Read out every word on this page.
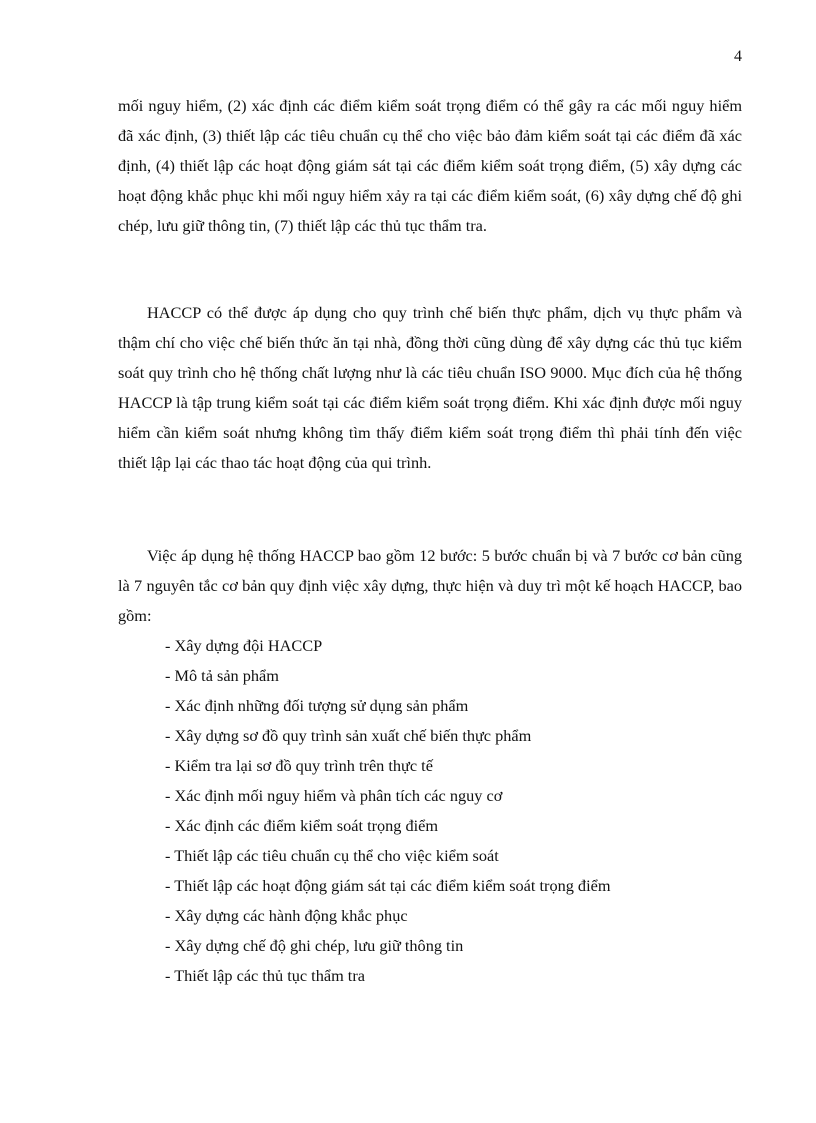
4

mối nguy hiểm, (2) xác định các điểm kiểm soát trọng điểm có thể gây ra các mối nguy hiểm đã xác định, (3) thiết lập các tiêu chuẩn cụ thể cho việc bảo đảm kiểm soát tại các điểm đã xác định, (4) thiết lập các hoạt động giám sát tại các điểm kiểm soát trọng điểm, (5) xây dựng các hoạt động khắc phục khi mối nguy hiểm xảy ra tại các điểm kiểm soát, (6) xây dựng chế độ ghi chép, lưu giữ thông tin, (7) thiết lập các thủ tục thẩm tra.

HACCP có thể được áp dụng cho quy trình chế biến thực phẩm, dịch vụ thực phẩm và thậm chí cho việc chế biến thức ăn tại nhà, đồng thời cũng dùng để xây dựng các thủ tục kiểm soát quy trình cho hệ thống chất lượng như là các tiêu chuẩn ISO 9000. Mục đích của hệ thống HACCP là tập trung kiểm soát tại các điểm kiểm soát trọng điểm. Khi xác định được mối nguy hiểm cần kiểm soát nhưng không tìm thấy điểm kiểm soát trọng điểm thì phải tính đến việc thiết lập lại các thao tác hoạt động của qui trình.

Việc áp dụng hệ thống HACCP bao gồm 12 bước: 5 bước chuẩn bị và 7 bước cơ bản cũng là 7 nguyên tắc cơ bản quy định việc xây dựng, thực hiện và duy trì một kế hoạch HACCP, bao gồm:

- Xây dựng đội HACCP
- Mô tả sản phẩm
- Xác định những đối tượng sử dụng sản phẩm
- Xây dựng sơ đồ quy trình sản xuất chế biến thực phẩm
- Kiểm tra lại sơ đồ quy trình trên thực tế
- Xác định mối nguy hiểm và phân tích các nguy cơ
- Xác định các điểm kiểm soát trọng điểm
- Thiết lập các tiêu chuẩn cụ thể cho việc kiểm soát
- Thiết lập các hoạt động giám sát tại các điểm kiểm soát trọng điểm
- Xây dựng các hành động khắc phục
- Xây dựng chế độ ghi chép, lưu giữ thông tin
- Thiết lập các thủ tục thẩm tra
